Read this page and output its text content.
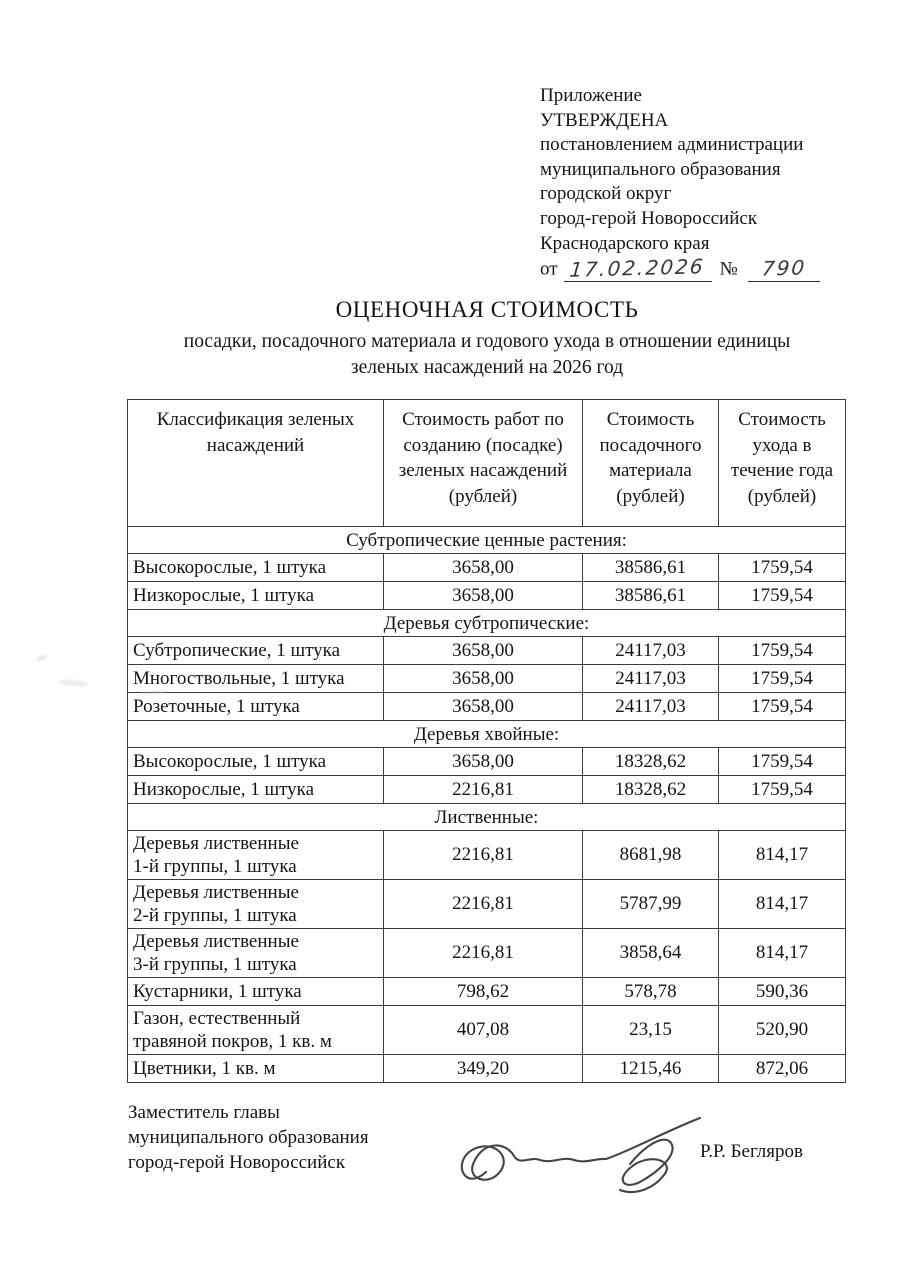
Приложение
УТВЕРЖДЕНА
постановлением администрации
муниципального образования
городской округ
город-герой Новороссийск
Краснодарского края
от 17.02.2026 № 790
ОЦЕНОЧНАЯ СТОИМОСТЬ
посадки, посадочного материала и годового ухода в отношении единицы
зеленых насаждений на 2026 год
Классификация зеленых насаждений	Стоимость работ по созданию (посадке) зеленых насаждений (рублей)	Стоимость посадочного материала (рублей)	Стоимость ухода в течение года (рублей)
Субтропические ценные растения:			
Высокорослые, 1 штука	3658,00	38586,61	1759,54
Низкорослые, 1 штука	3658,00	38586,61	1759,54
Деревья субтропические:			
Субтропические, 1 штука	3658,00	24117,03	1759,54
Многоствольные, 1 штука	3658,00	24117,03	1759,54
Розеточные, 1 штука	3658,00	24117,03	1759,54
Деревья хвойные:			
Высокорослые, 1 штука	3658,00	18328,62	1759,54
Низкорослые, 1 штука	2216,81	18328,62	1759,54
Лиственные:			
Деревья лиственные
1-й группы, 1 штука	2216,81	8681,98	814,17
Деревья лиственные
2-й группы, 1 штука	2216,81	5787,99	814,17
Деревья лиственные
3-й группы, 1 штука	2216,81	3858,64	814,17
Кустарники, 1 штука	798,62	578,78	590,36
Газон, естественный
травяной покров, 1 кв. м	407,08	23,15	520,90
Цветники, 1 кв. м	349,20	1215,46	872,06
Заместитель главы
муниципального образования
город-герой Новороссийск
Р.Р. Бегляров
